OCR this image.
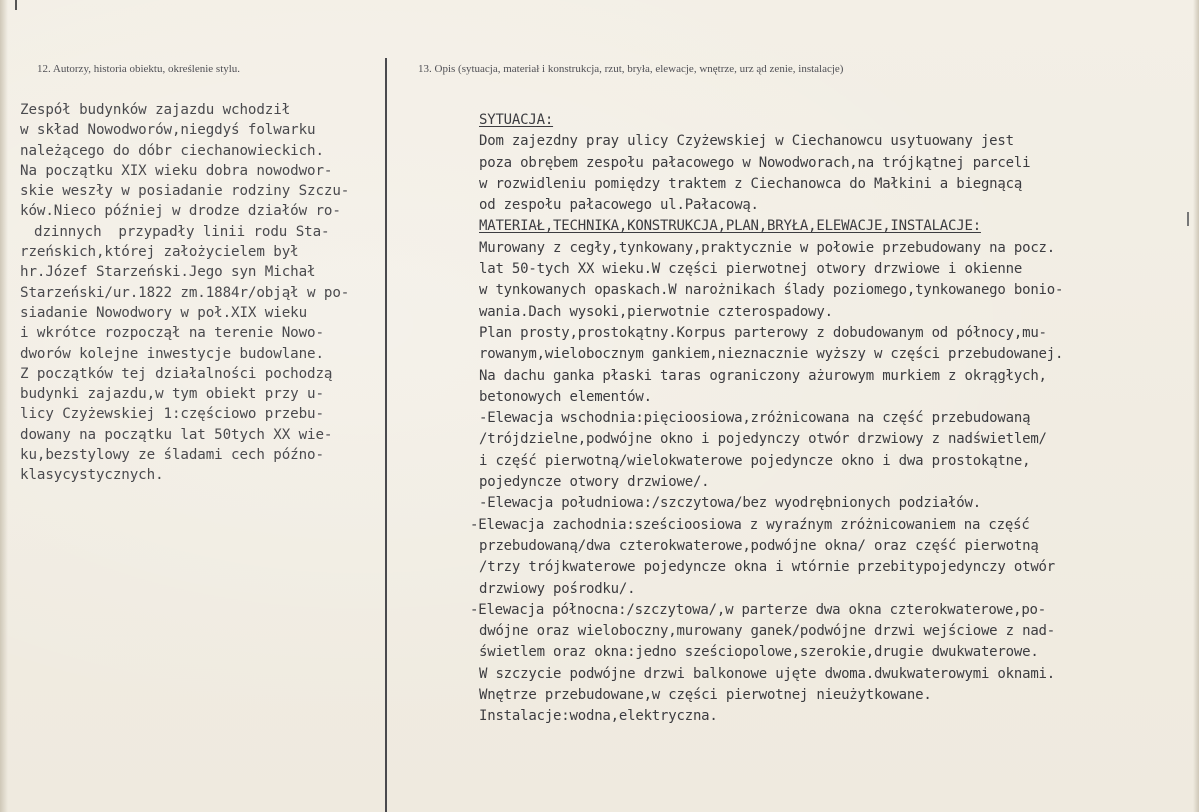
12. Autorzy, historia obiektu, określenie stylu.	13. Opis (sytuacja, materiał i konstrukcja, rzut, bryła, elewacje, wnętrze, urz ąd zenie, instalacje)
Zespół budynków zajazdu wchodził
w skład Nowodworów,niegdyś folwarku
należącego do dóbr ciechanowieckich.
Na początku XIX wieku dobra nowodwor-
skie weszły w posiadanie rodziny Szczu-
ków.Nieco później w drodze działów ro-
dzinnych  przypadły linii rodu Sta-
rzeńskich,której założycielem był
hr.Józef Starzeński.Jego syn Michał
Starzeński/ur.1822 zm.1884r/objął w po-
siadanie Nowodwory w poł.XIX wieku
i wkrótce rozpoczął na terenie Nowo-
dworów kolejne inwestycje budowlane.
Z początków tej działalności pochodzą
budynki zajazdu,w tym obiekt przy u-
licy Czyżewskiej 1:częściowo przebu-
dowany na początku lat 50tych XX wie-
ku,bezstylowy ze śladami cech późno-
klasycystycznych.
SYTUACJA:
Dom zajezdny pray ulicy Czyżewskiej w Ciechanowcu usytuowany jest
poza obrębem zespołu pałacowego w Nowodworach,na trójkątnej parceli
w rozwidleniu pomiędzy traktem z Ciechanowca do Małkini a biegnącą
od zespołu pałacowego ul.Pałacową.
MATERIAŁ,TECHNIKA,KONSTRUKCJA,PLAN,BRYŁA,ELEWACJE,INSTALACJE:
Murowany z cegły,tynkowany,praktycznie w połowie przebudowany na pocz.
lat 50-tych XX wieku.W części pierwotnej otwory drzwiowe i okienne
w tynkowanych opaskach.W narożnikach ślady poziomego,tynkowanego bonio-
wania.Dach wysoki,pierwotnie czterospadowy.
Plan prosty,prostokątny.Korpus parterowy z dobudowanym od północy,mu-
rowanym,wielobocznym gankiem,nieznacznie wyższy w części przebudowanej.
Na dachu ganka płaski taras ograniczony ażurowym murkiem z okrągłych,
betonowych elementów.
-Elewacja wschodnia:pięcioosiowa,zróżnicowana na część przebudowaną
/trójdzielne,podwójne okno i pojedynczy otwór drzwiowy z nadświetlem/
i część pierwotną/wielokwaterowe pojedyncze okno i dwa prostokątne,
pojedyncze otwory drzwiowe/.
-Elewacja południowa:/szczytowa/bez wyodrębnionych podziałów.
-Elewacja zachodnia:sześcioosiowa z wyraźnym zróżnicowaniem na część
przebudowaną/dwa czterokwaterowe,podwójne okna/ oraz część pierwotną
/trzy trójkwaterowe pojedyncze okna i wtórnie przebitypojedynczy otwór
drzwiowy pośrodku/.
-Elewacja północna:/szczytowa/,w parterze dwa okna czterokwaterowe,po-
dwójne oraz wieloboczny,murowany ganek/podwójne drzwi wejściowe z nad-
świetlem oraz okna:jedno sześciopolowe,szerokie,drugie dwukwaterowe.
W szczycie podwójne drzwi balkonowe ujęte dwoma.dwukwaterowymi oknami.
Wnętrze przebudowane,w części pierwotnej nieużytkowane.
Instalacje:wodna,elektryczna.
